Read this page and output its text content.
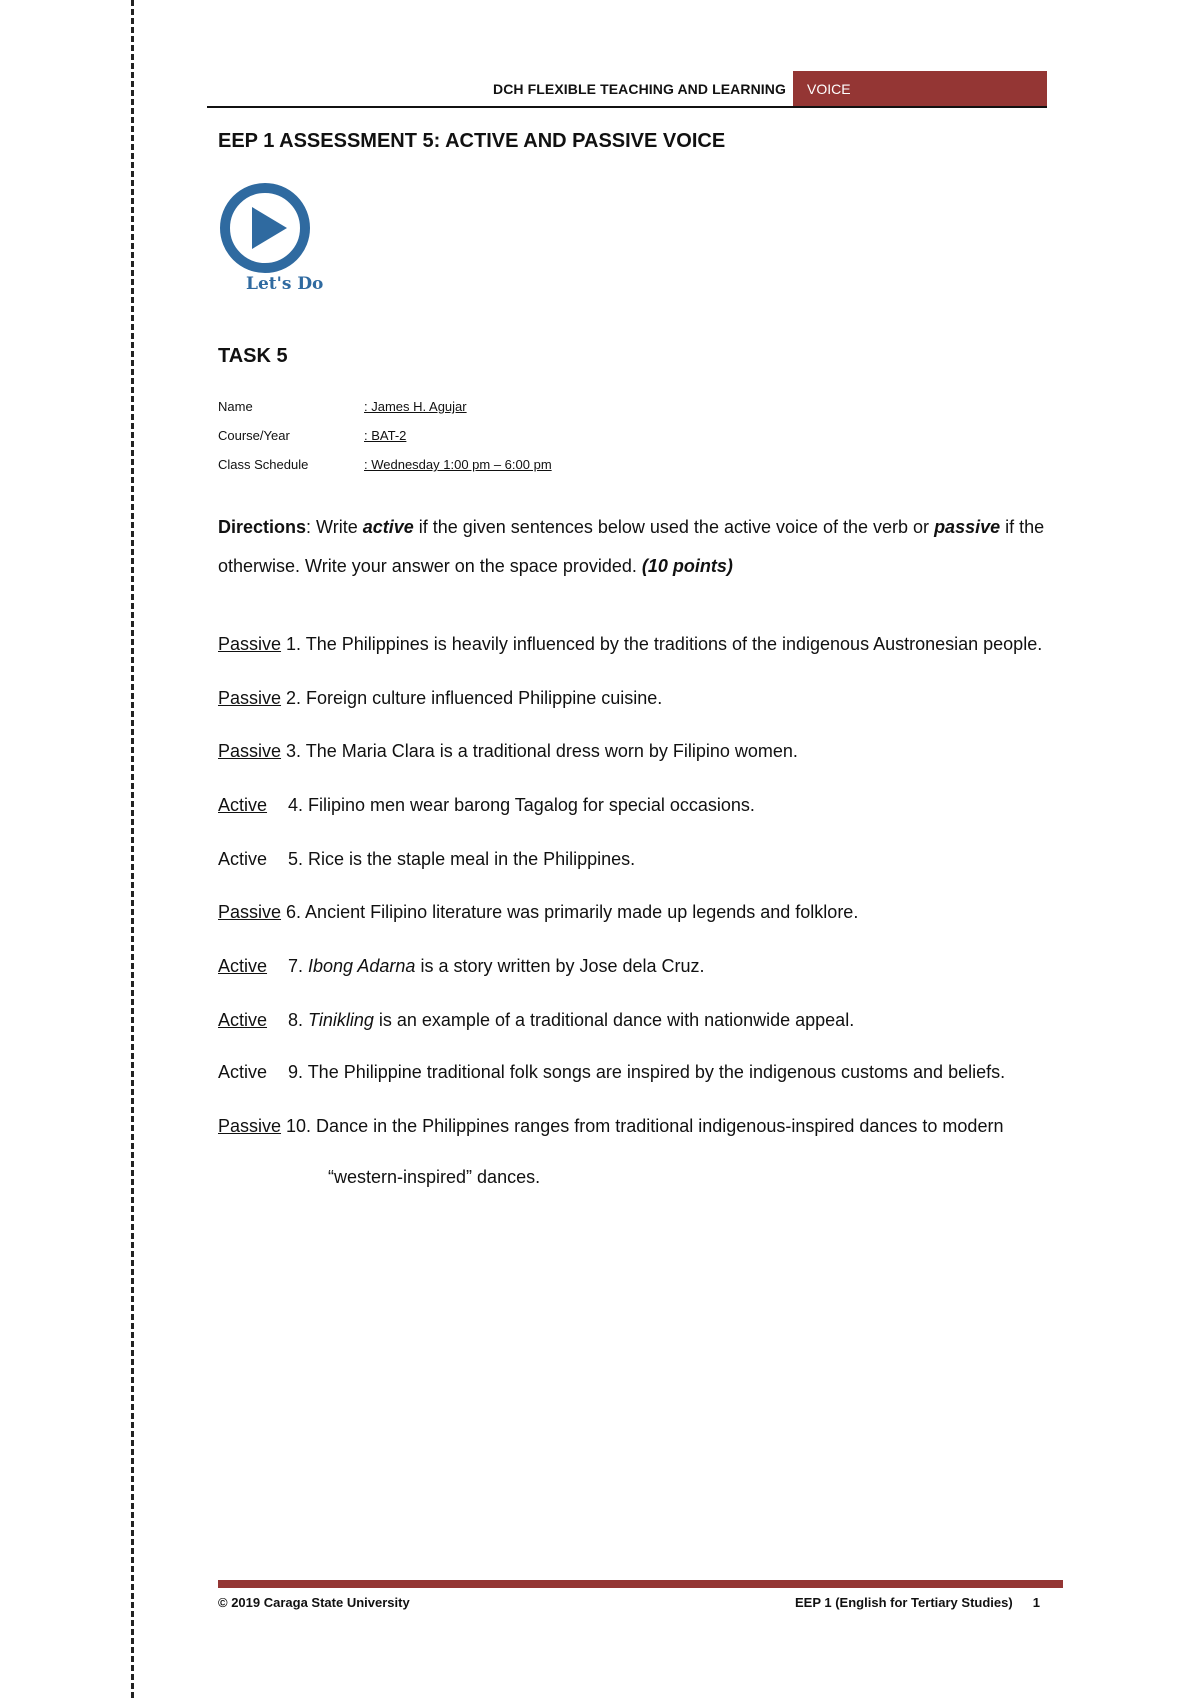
DCH FLEXIBLE TEACHING AND LEARNING	VOICE
EEP 1 ASSESSMENT 5: ACTIVE AND PASSIVE VOICE
Let's Do
TASK 5
Name	: James H. Agujar
Course/Year	: BAT-2
Class Schedule	: Wednesday 1:00 pm – 6:00 pm
Directions: Write active if the given sentences below used the active voice of the verb or passive if the otherwise. Write your answer on the space provided. (10 points)
Passive 1. The Philippines is heavily influenced by the traditions of the indigenous Austronesian people.
Passive 2. Foreign culture influenced Philippine cuisine.
Passive 3. The Maria Clara is a traditional dress worn by Filipino women.
Active 4. Filipino men wear barong Tagalog for special occasions.
Active 5. Rice is the staple meal in the Philippines.
Passive 6. Ancient Filipino literature was primarily made up legends and folklore.
Active 7. Ibong Adarna is a story written by Jose dela Cruz.
Active 8. Tinikling is an example of a traditional dance with nationwide appeal.
Active 9. The Philippine traditional folk songs are inspired by the indigenous customs and beliefs.
Passive 10. Dance in the Philippines ranges from traditional indigenous-inspired dances to modern
“western-inspired” dances.
© 2019 Caraga State University	EEP 1 (English for Tertiary Studies) 1
